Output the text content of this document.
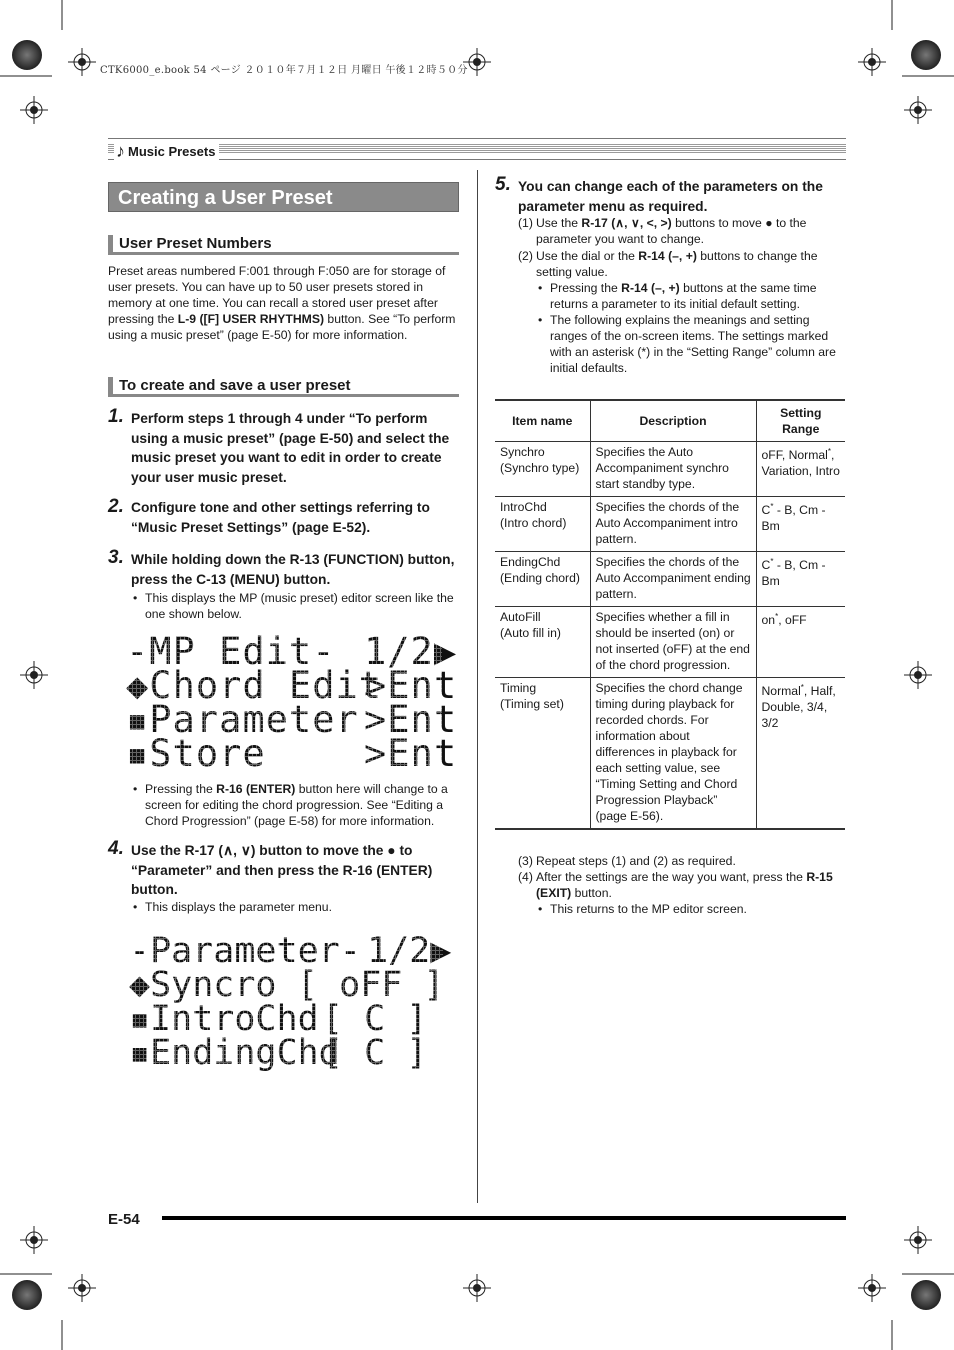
CTK6000_e.book 54 ページ ２０１０年７月１２日 月曜日 午後１２時５０分
♪ Music Presets
Creating a User Preset
User Preset Numbers
Preset areas numbered F:001 through F:050 are for storage of user presets. You can have up to 50 user presets stored in memory at one time. You can recall a stored user preset after pressing the L-9 ([F] USER RHYTHMS) button. See “To perform using a music preset” (page E-50) for more information.
To create and save a user preset
1. Perform steps 1 through 4 under “To perform using a music preset” (page E-50) and select the music preset you want to edit in order to create your user music preset.
2. Configure tone and other settings referring to “Music Preset Settings” (page E-52).
3. While holding down the R-13 (FUNCTION) button, press the C-13 (MENU) button.
• This displays the MP (music preset) editor screen like the one shown below.
-MP Edit-
◆Chord Edit
▪Parameter
▪Store
1/2▶
>Ent
>Ent
>Ent
• Pressing the R-16 (ENTER) button here will change to a screen for editing the chord progression. See “Editing a Chord Progression” (page E-58) for more information.
4. Use the R-17 (∧, ∨) button to move the ● to “Parameter” and then press the R-16 (ENTER) button.
• This displays the parameter menu.
-Parameter-
◆Syncro
▪IntroChd
▪EndingChd
1/2▶
[ oFF ]
[ C ]
[ C ]
5. You can change each of the parameters on the parameter menu as required.
(1) Use the R-17 (∧, ∨, <, >) buttons to move ● to the parameter you want to change.
(2) Use the dial or the R-14 (–, +) buttons to change the setting value.
• Pressing the R-14 (–, +) buttons at the same time returns a parameter to its initial default setting.
• The following explains the meanings and setting ranges of the on-screen items. The settings marked with an asterisk (*) in the “Setting Range” column are initial defaults.
Item name	Description	Setting Range
Synchro
(Synchro type)	Specifies the Auto Accompaniment synchro start standby type.	oFF, Normal*, Variation, Intro
IntroChd
(Intro chord)	Specifies the chords of the Auto Accompaniment intro pattern.	C* - B, Cm - Bm
EndingChd
(Ending chord)	Specifies the chords of the Auto Accompaniment ending pattern.	C* - B, Cm - Bm
AutoFill
(Auto fill in)	Specifies whether a fill in should be inserted (on) or not inserted (oFF) at the end of the chord progression.	on*, oFF
Timing
(Timing set)	Specifies the chord change timing during playback for recorded chords. For information about differences in playback for each setting value, see “Timing Setting and Chord Progression Playback” (page E-56).	Normal*, Half, Double, 3/4, 3/2
(3) Repeat steps (1) and (2) as required.
(4) After the settings are the way you want, press the R-15 (EXIT) button.
• This returns to the MP editor screen.
E-54
